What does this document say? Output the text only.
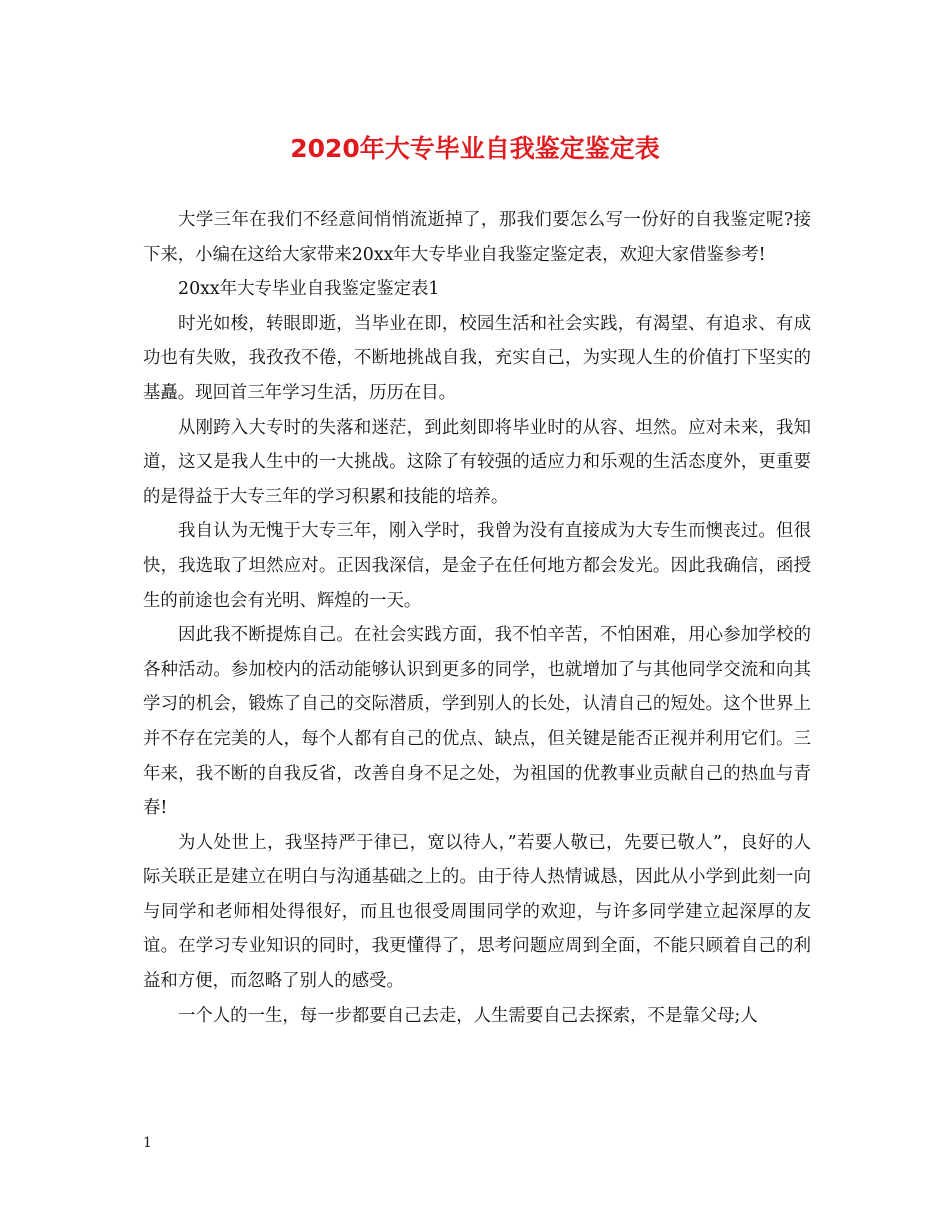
2020年大专毕业自我鉴定鉴定表

大学三年在我们不经意间悄悄流逝掉了，那我们要怎么写一份好的自我鉴定呢?接下来，小编在这给大家带来20xx年大专毕业自我鉴定鉴定表，欢迎大家借鉴参考!

20xx年大专毕业自我鉴定鉴定表1

时光如梭，转眼即逝，当毕业在即，校园生活和社会实践，有渴望、有追求、有成功也有失败，我孜孜不倦，不断地挑战自我，充实自己，为实现人生的价值打下坚实的基矗。现回首三年学习生活，历历在目。

从刚跨入大专时的失落和迷茫，到此刻即将毕业时的从容、坦然。应对未来，我知道，这又是我人生中的一大挑战。这除了有较强的适应力和乐观的生活态度外，更重要的是得益于大专三年的学习积累和技能的培养。

我自认为无愧于大专三年，刚入学时，我曾为没有直接成为大专生而懊丧过。但很快，我选取了坦然应对。正因我深信，是金子在任何地方都会发光。因此我确信，函授生的前途也会有光明、辉煌的一天。

因此我不断提炼自己。在社会实践方面，我不怕辛苦，不怕困难，用心参加学校的各种活动。参加校内的活动能够认识到更多的同学，也就增加了与其他同学交流和向其学习的机会，锻炼了自己的交际潜质，学到别人的长处，认清自己的短处。这个世界上并不存在完美的人，每个人都有自己的优点、缺点，但关键是能否正视并利用它们。三年来，我不断的自我反省，改善自身不足之处，为祖国的优教事业贡献自己的热血与青春!

为人处世上，我坚持严于律已，宽以待人，”若要人敬已，先要已敬人”，良好的人际关联正是建立在明白与沟通基础之上的。由于待人热情诚恳，因此从小学到此刻一向与同学和老师相处得很好，而且也很受周围同学的欢迎，与许多同学建立起深厚的友谊。在学习专业知识的同时，我更懂得了，思考问题应周到全面，不能只顾着自己的利益和方便，而忽略了别人的感受。

一个人的一生，每一步都要自己去走，人生需要自己去探索，不是靠父母;人

1
